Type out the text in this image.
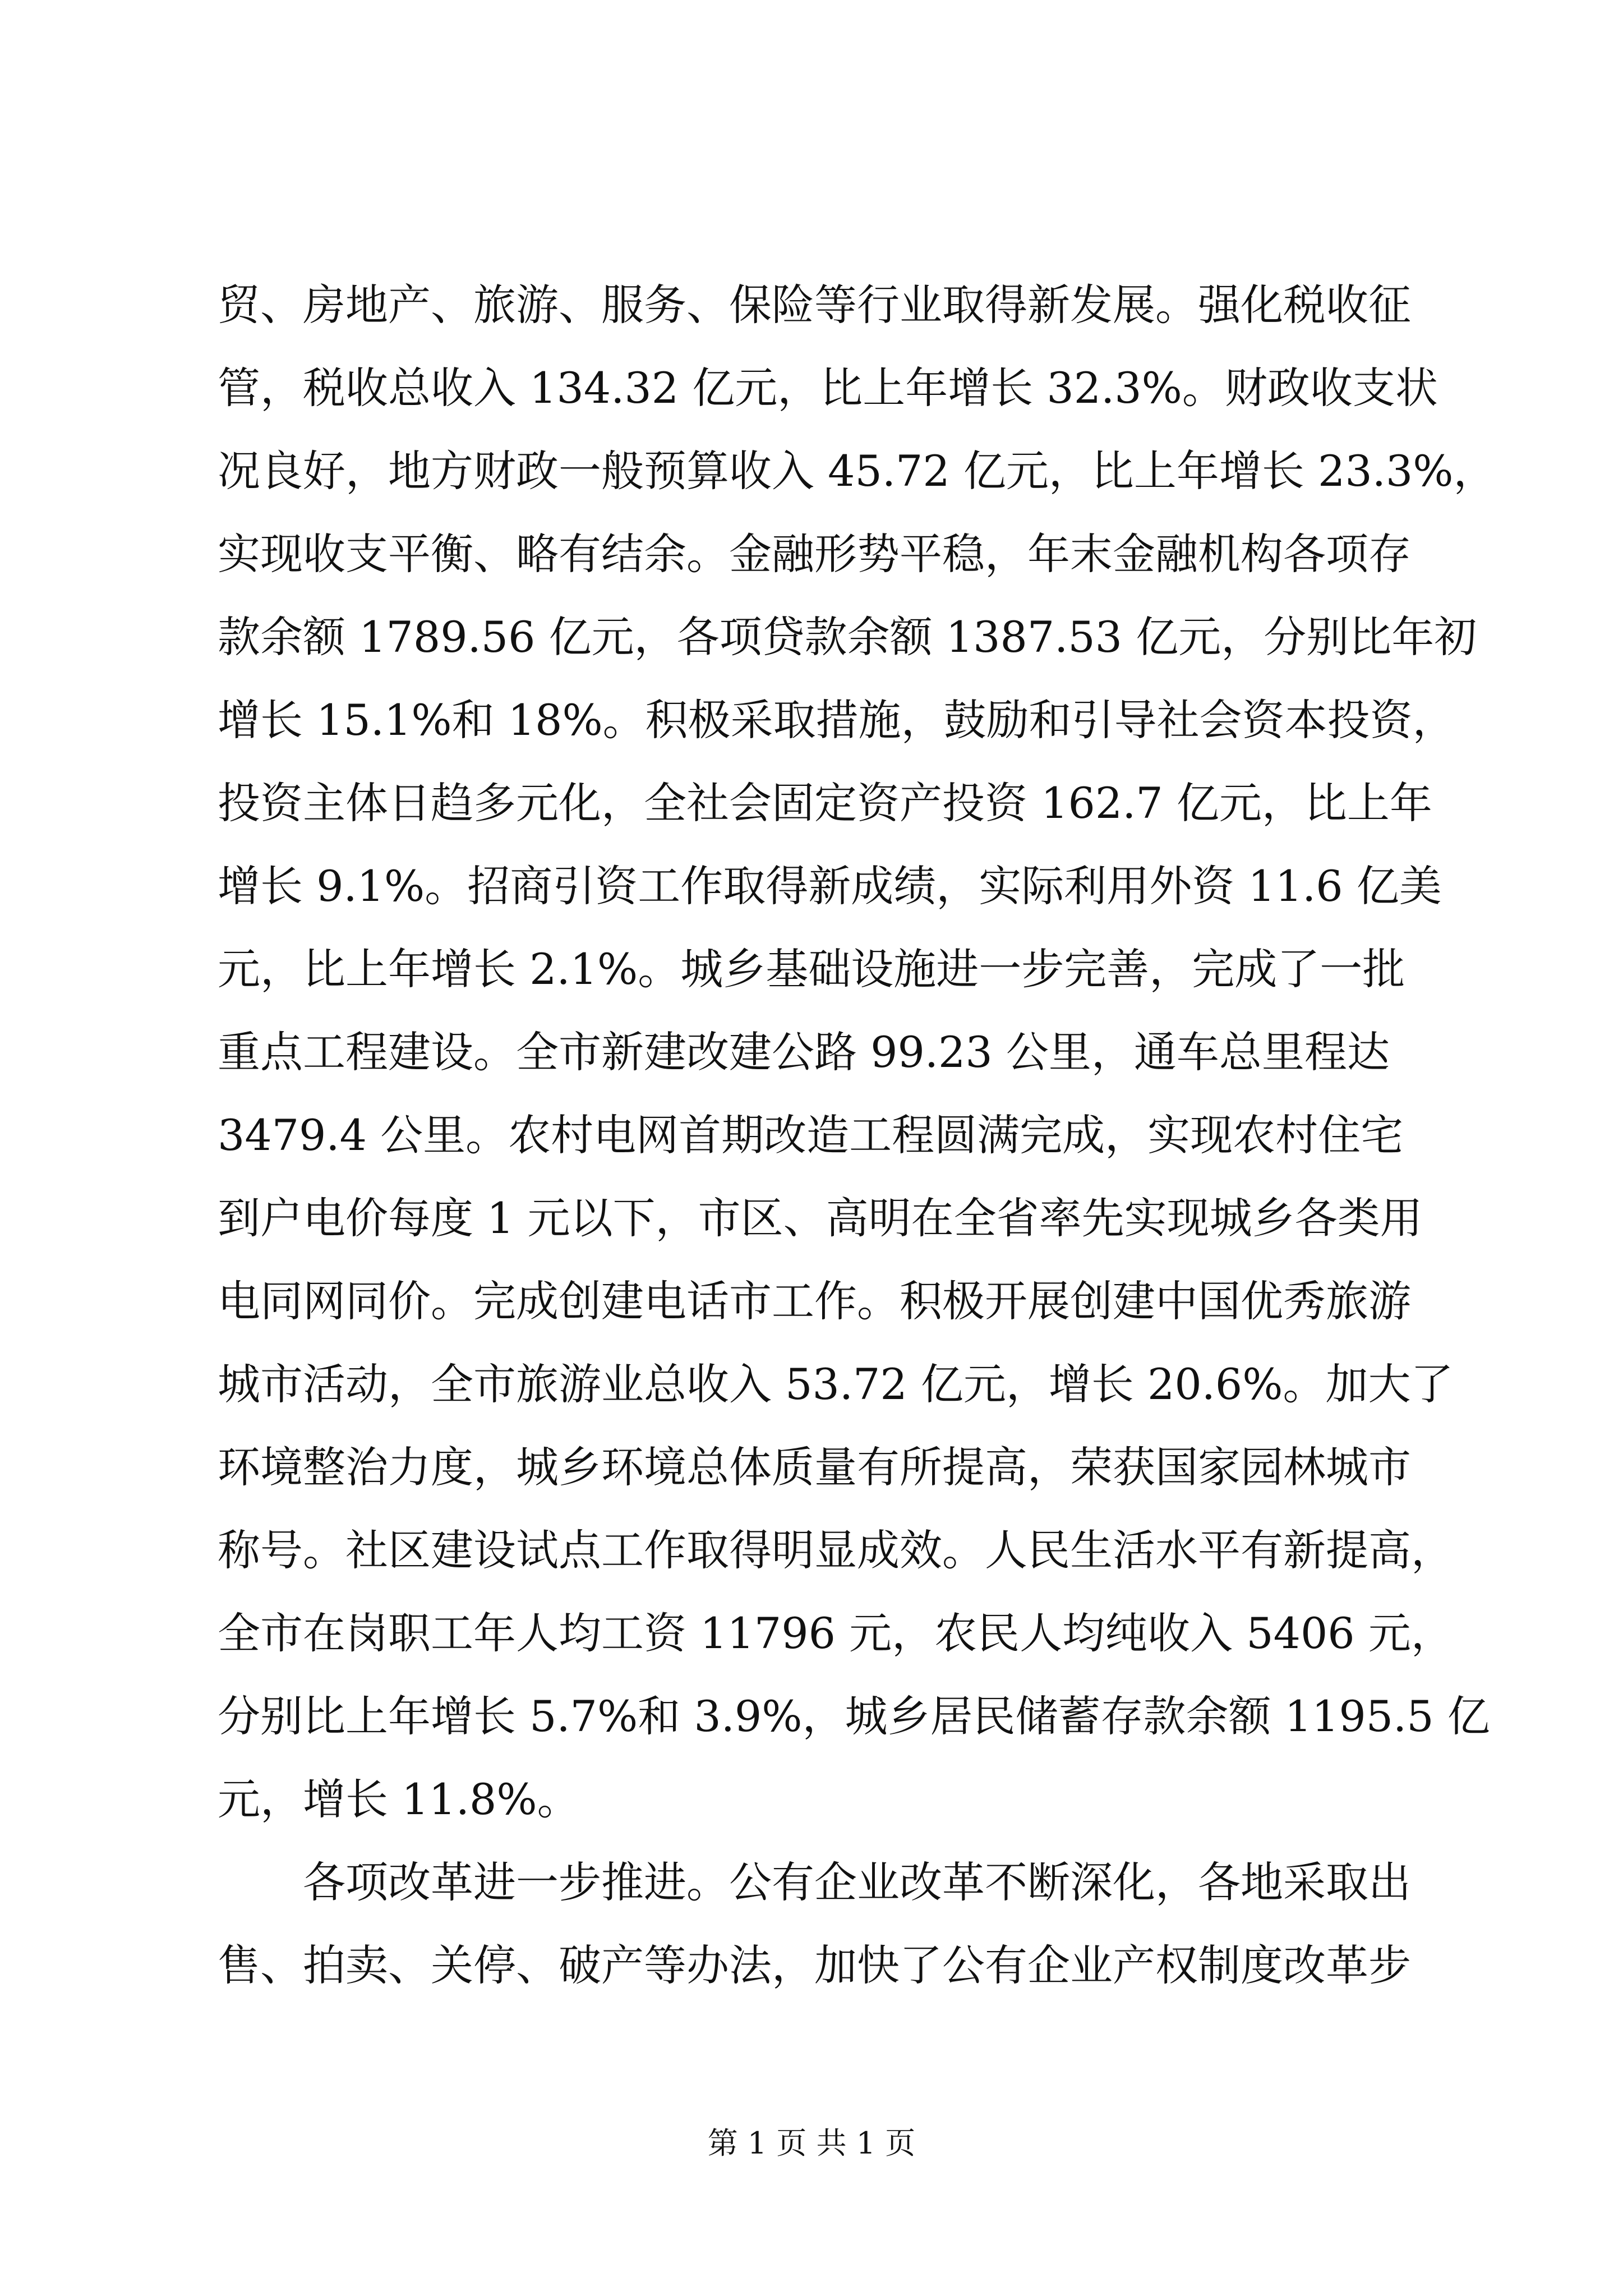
贸、房地产、旅游、服务、保险等行业取得新发展。强化税收征
管，税收总收入 134.32 亿元，比上年增长 32.3%。财政收支状
况良好，地方财政一般预算收入 45.72 亿元，比上年增长 23.3%，
实现收支平衡、略有结余。金融形势平稳，年末金融机构各项存
款余额 1789.56 亿元，各项贷款余额 1387.53 亿元，分别比年初
增长 15.1%和 18%。积极采取措施，鼓励和引导社会资本投资，
投资主体日趋多元化，全社会固定资产投资 162.7 亿元，比上年
增长 9.1%。招商引资工作取得新成绩，实际利用外资 11.6 亿美
元，比上年增长 2.1%。城乡基础设施进一步完善，完成了一批
重点工程建设。全市新建改建公路 99.23 公里，通车总里程达
3479.4 公里。农村电网首期改造工程圆满完成，实现农村住宅
到户电价每度 1 元以下，市区、高明在全省率先实现城乡各类用
电同网同价。完成创建电话市工作。积极开展创建中国优秀旅游
城市活动，全市旅游业总收入 53.72 亿元，增长 20.6%。加大了
环境整治力度，城乡环境总体质量有所提高，荣获国家园林城市
称号。社区建设试点工作取得明显成效。人民生活水平有新提高，
全市在岗职工年人均工资 11796 元，农民人均纯收入 5406 元，
分别比上年增长 5.7%和 3.9%，城乡居民储蓄存款余额 1195.5 亿
元，增长 11.8%。
各项改革进一步推进。公有企业改革不断深化，各地采取出
售、拍卖、关停、破产等办法，加快了公有企业产权制度改革步
第 1 页 共 1 页
